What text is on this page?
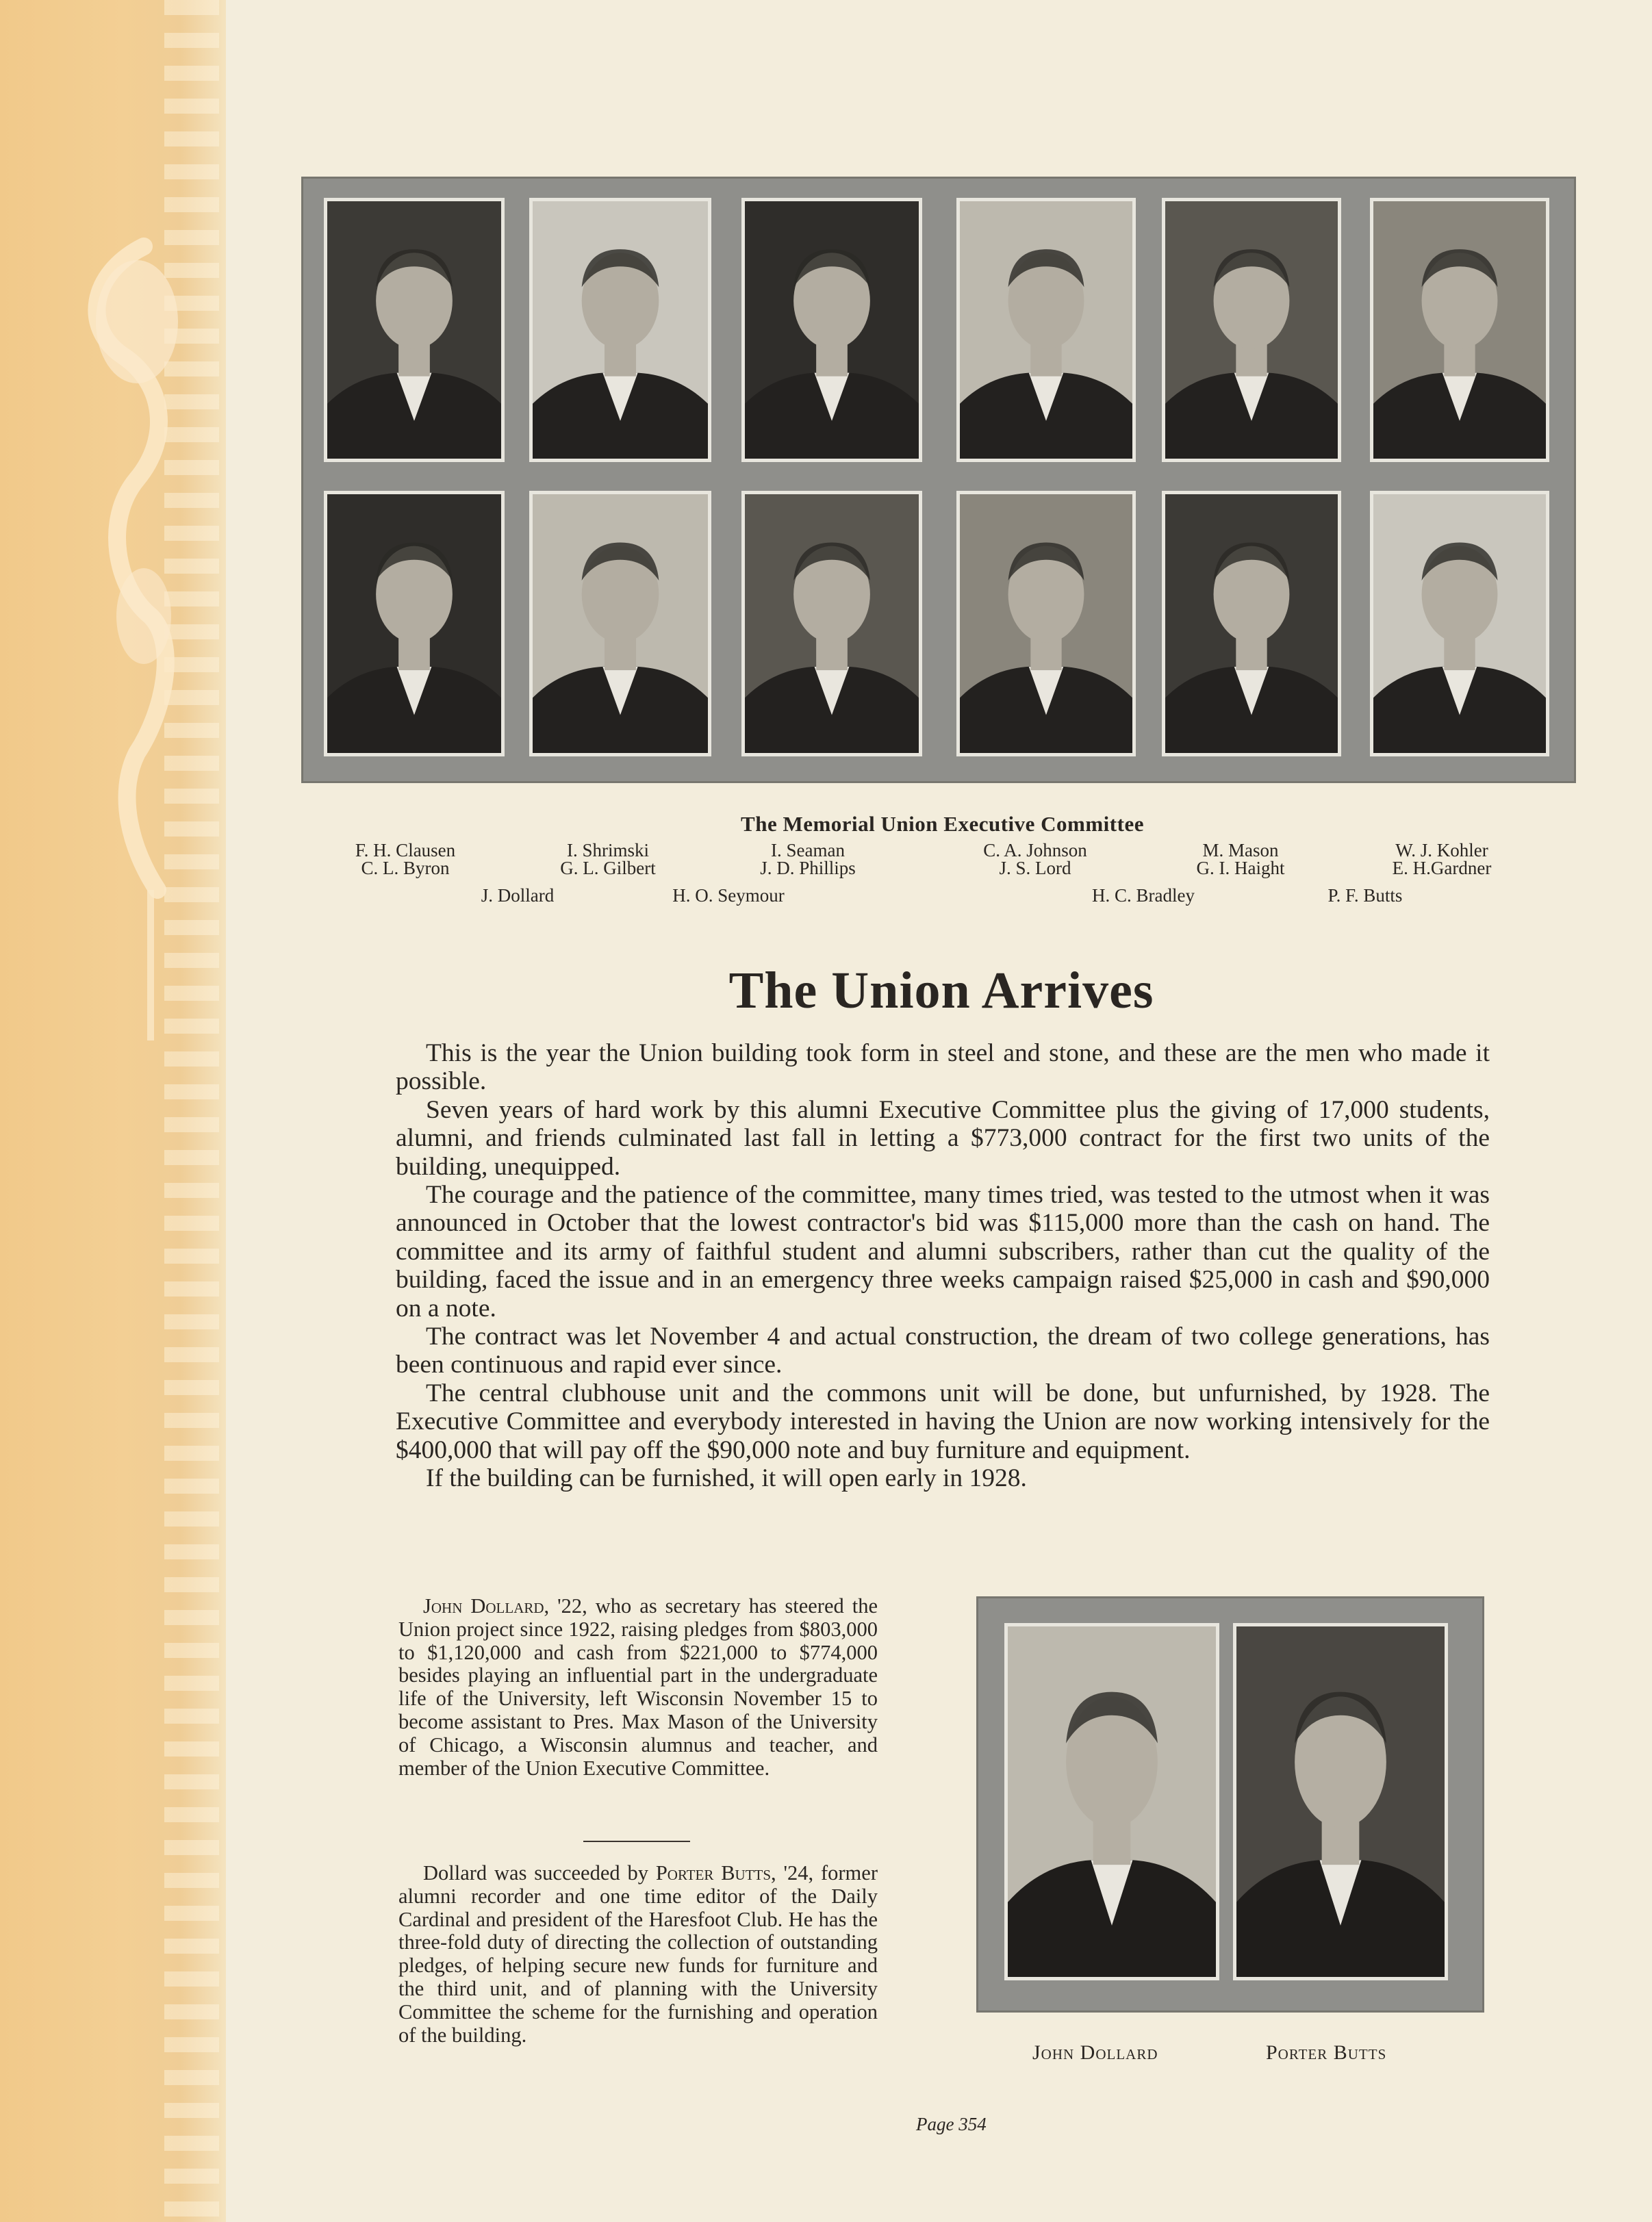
The Memorial Union Executive Committee
F. H. Clausen	I. Shrimski	I. Seaman	C. A. Johnson	M. Mason	W. J. Kohler
C. L. Byron	G. L. Gilbert	J. D. Phillips	J. S. Lord	G. I. Haight	E. H.Gardner
J. Dollard	H. O. Seymour	H. C. Bradley	P. F. Butts
The Union Arrives

This is the year the Union building took form in steel and stone, and these are the men who made it possible.

Seven years of hard work by this alumni Executive Committee plus the giving of 17,000 students, alumni, and friends culminated last fall in letting a $773,000 contract for the first two units of the building, unequipped.

The courage and the patience of the committee, many times tried, was tested to the utmost when it was announced in October that the lowest contractor's bid was $115,000 more than the cash on hand. The committee and its army of faithful student and alumni subscribers, rather than cut the quality of the building, faced the issue and in an emergency three weeks campaign raised $25,000 in cash and $90,000 on a note.

The contract was let November 4 and actual construction, the dream of two college generations, has been continuous and rapid ever since.

The central clubhouse unit and the commons unit will be done, but unfurnished, by 1928. The Executive Committee and everybody interested in having the Union are now working intensively for the $400,000 that will pay off the $90,000 note and buy furniture and equipment.

If the building can be furnished, it will open early in 1928.

John Dollard, '22, who as secretary has steered the Union project since 1922, raising pledges from $803,000 to $1,120,000 and cash from $221,000 to $774,000 besides playing an influential part in the undergraduate life of the University, left Wisconsin November 15 to become assistant to Pres. Max Mason of the University of Chicago, a Wisconsin alumnus and teacher, and member of the Union Executive Committee.

Dollard was succeeded by Porter Butts, '24, former alumni recorder and one time editor of the Daily Cardinal and president of the Haresfoot Club. He has the three-fold duty of directing the collection of outstanding pledges, of helping secure new funds for furniture and the third unit, and of planning with the University Committee the scheme for the furnishing and operation of the building.

John Dollard	Porter Butts
Page 354
